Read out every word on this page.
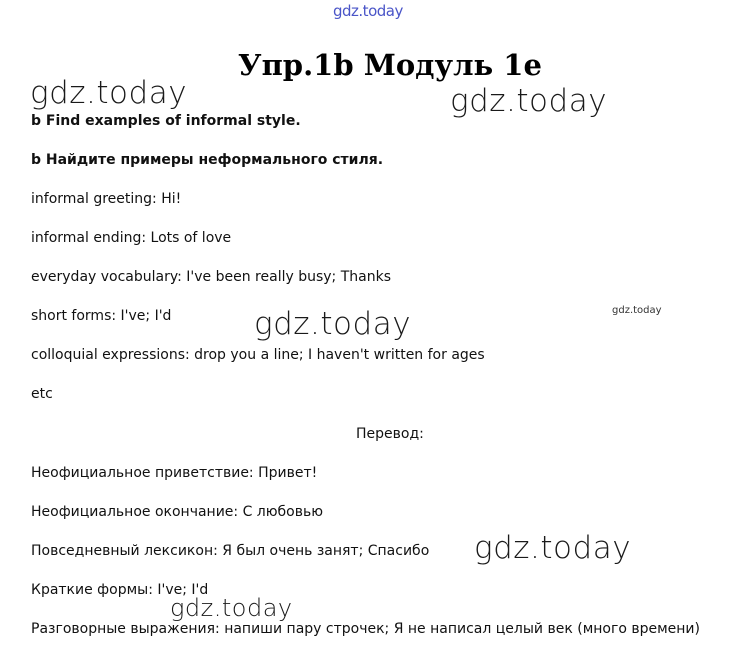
gdz.today
Упр.1b Модуль 1e
b Find examples of informal style.
b Найдите примеры неформального стиля.
informal greeting: Hi!
informal ending: Lots of love
everyday vocabulary: I've been really busy; Thanks
short forms: I've; I'd
colloquial expressions: drop you a line; I haven't written for ages
etc
Перевод:
Неофициальное приветствие: Привет!
Неофициальное окончание: С любовью
Повседневный лексикон: Я был очень занят; Спасибо
Краткие формы: I've; I'd
Разговорные выражения: напиши пару строчек; Я не написал целый век (много времени)
gdz.today	gdz.today
gdz.today
gdz.today
gdz.today
gdz.today
